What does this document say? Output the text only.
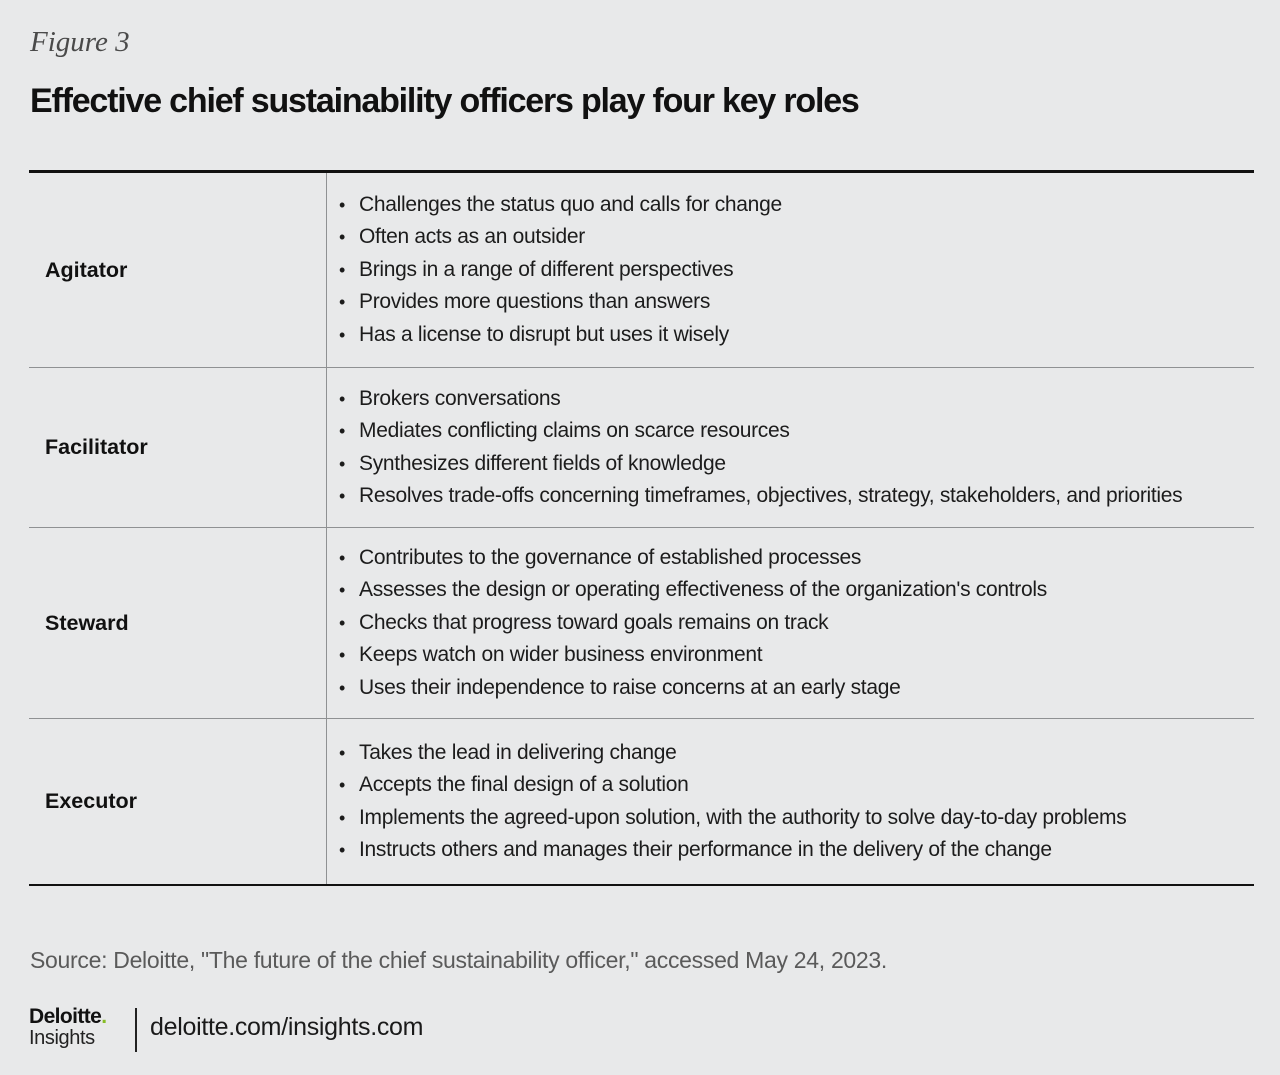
Figure 3
Effective chief sustainability officers play four key roles
Agitator
• Challenges the status quo and calls for change
• Often acts as an outsider
• Brings in a range of different perspectives
• Provides more questions than answers
• Has a license to disrupt but uses it wisely
Facilitator
• Brokers conversations
• Mediates conflicting claims on scarce resources
• Synthesizes different fields of knowledge
• Resolves trade-offs concerning timeframes, objectives, strategy, stakeholders, and priorities
Steward
• Contributes to the governance of established processes
• Assesses the design or operating effectiveness of the organization's controls
• Checks that progress toward goals remains on track
• Keeps watch on wider business environment
• Uses their independence to raise concerns at an early stage
Executor
• Takes the lead in delivering change
• Accepts the final design of a solution
• Implements the agreed-upon solution, with the authority to solve day-to-day problems
• Instructs others and manages their performance in the delivery of the change
Source: Deloitte, "The future of the chief sustainability officer," accessed May 24, 2023.
Deloitte.
Insights	deloitte.com/insights.com
